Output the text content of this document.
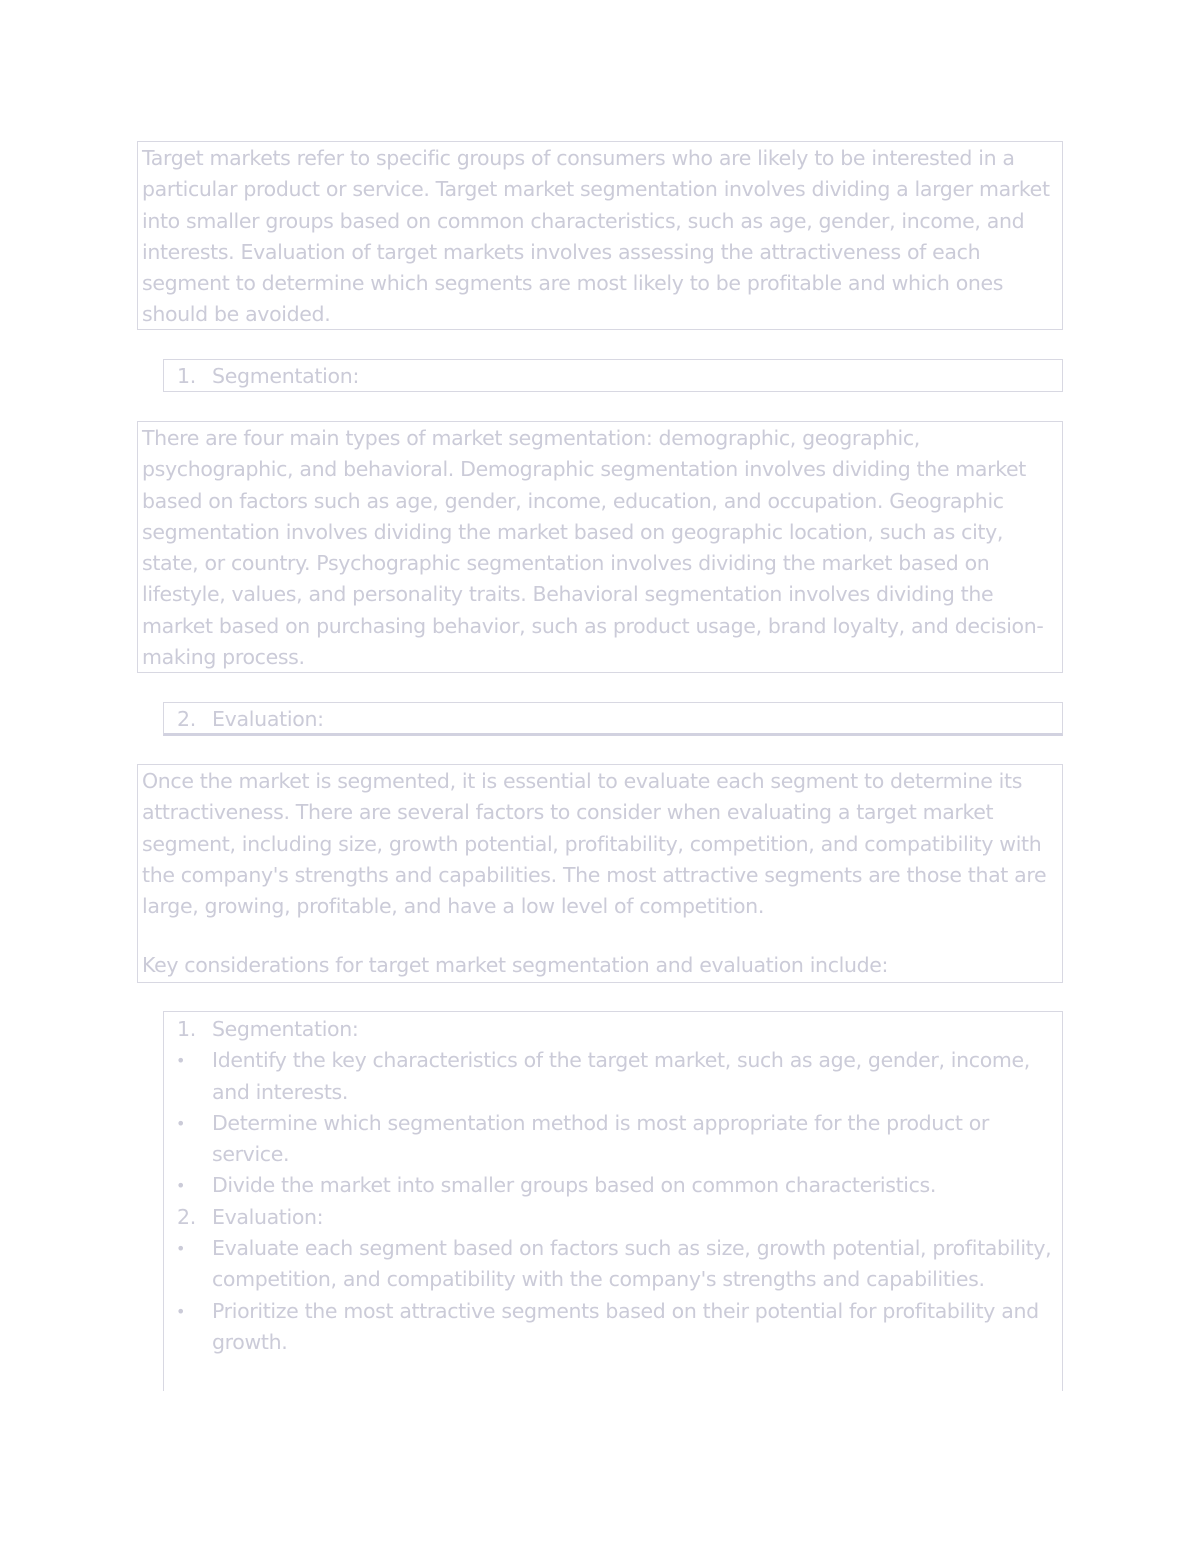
Target markets refer to specific groups of consumers who are likely to be interested in a particular product or service. Target market segmentation involves dividing a larger market into smaller groups based on common characteristics, such as age, gender, income, and interests. Evaluation of target markets involves assessing the attractiveness of each segment to determine which segments are most likely to be profitable and which ones should be avoided.
1. Segmentation:
There are four main types of market segmentation: demographic, geographic, psychographic, and behavioral. Demographic segmentation involves dividing the market based on factors such as age, gender, income, education, and occupation. Geographic segmentation involves dividing the market based on geographic location, such as city, state, or country. Psychographic segmentation involves dividing the market based on lifestyle, values, and personality traits. Behavioral segmentation involves dividing the market based on purchasing behavior, such as product usage, brand loyalty, and decision-making process.
2. Evaluation:
Once the market is segmented, it is essential to evaluate each segment to determine its attractiveness. There are several factors to consider when evaluating a target market segment, including size, growth potential, profitability, competition, and compatibility with the company's strengths and capabilities. The most attractive segments are those that are large, growing, profitable, and have a low level of competition.
Key considerations for target market segmentation and evaluation include:
1. Segmentation:
• Identify the key characteristics of the target market, such as age, gender, income, and interests.
• Determine which segmentation method is most appropriate for the product or service.
• Divide the market into smaller groups based on common characteristics.
2. Evaluation:
• Evaluate each segment based on factors such as size, growth potential, profitability, competition, and compatibility with the company's strengths and capabilities.
• Prioritize the most attractive segments based on their potential for profitability and growth.
